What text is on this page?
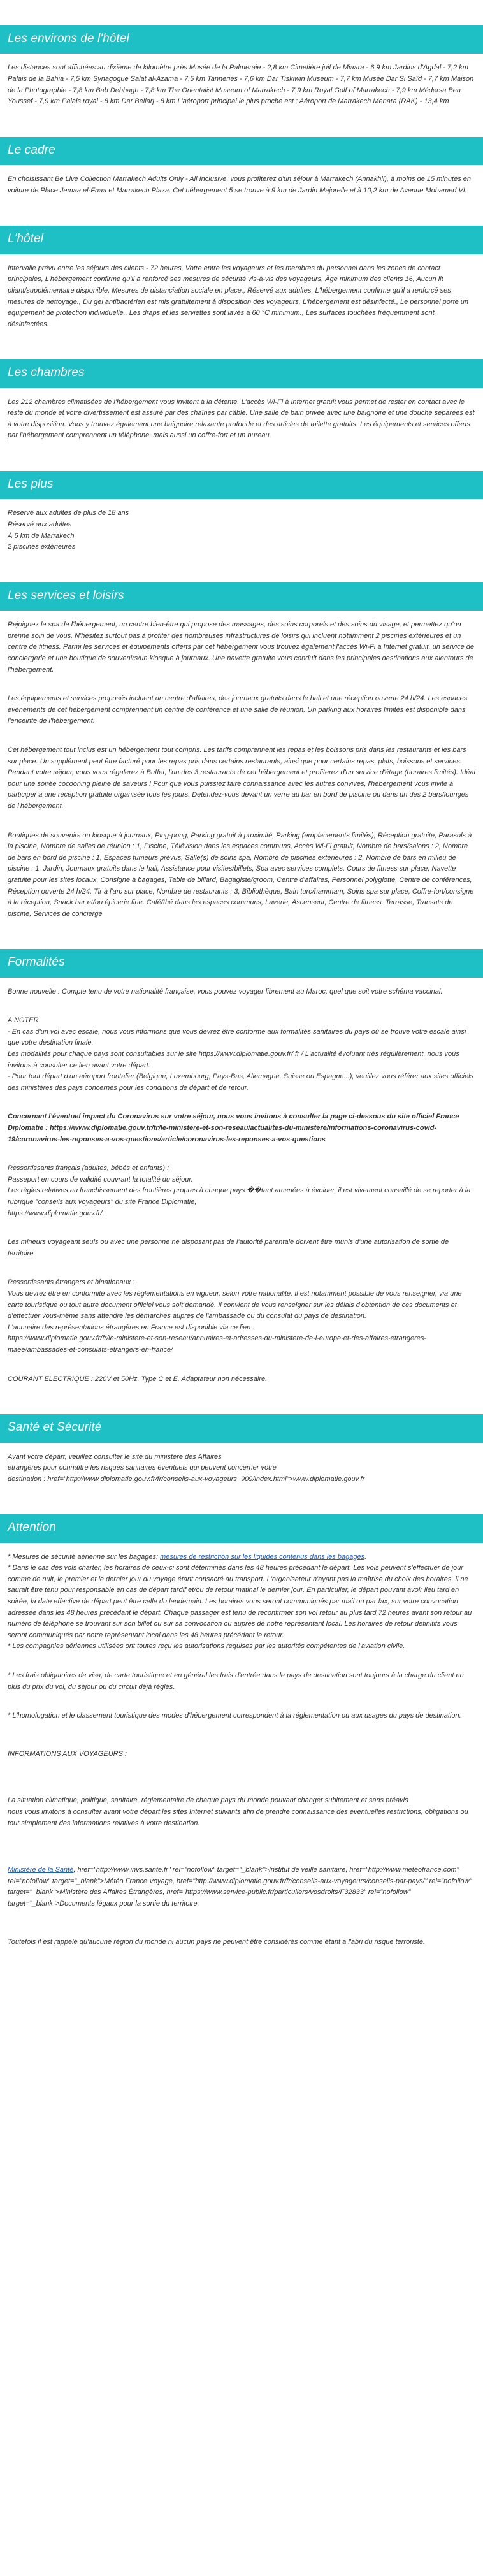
Les environs de l'hôtel

Les distances sont affichées au dixième de kilomètre près Musée de la Palmeraie - 2,8 km Cimetière juif de Miaara - 6,9 km Jardins d'Agdal - 7,2 km Palais de la Bahia - 7,5 km Synagogue Salat al-Azama - 7,5 km Tanneries - 7,6 km Dar Tiskiwin Museum - 7,7 km Musée Dar Si Saïd - 7,7 km Maison de la Photographie - 7,8 km Bab Debbagh - 7,8 km The Orientalist Museum of Marrakech - 7,9 km Royal Golf of Marrakech - 7,9 km Médersa Ben Youssef - 7,9 km Palais royal - 8 km Dar Bellarj - 8 km L'aéroport principal le plus proche est : Aéroport de Marrakech Menara (RAK) - 13,4 km

Le cadre

En choisissant Be Live Collection Marrakech Adults Only - All Inclusive, vous profiterez d'un séjour à Marrakech (Annakhil), à moins de 15 minutes en voiture de Place Jemaa el-Fnaa et Marrakech Plaza. Cet hébergement 5 se trouve à 9 km de Jardin Majorelle et à 10,2 km de Avenue Mohamed VI.

L'hôtel

Intervalle prévu entre les séjours des clients - 72 heures, Votre entre les voyageurs et les membres du personnel dans les zones de contact principales, L'hébergement confirme qu'il a renforcé ses mesures de sécurité vis-à-vis des voyageurs, Âge minimum des clients 16, Aucun lit pliant/supplémentaire disponible, Mesures de distanciation sociale en place., Réservé aux adultes, L'hébergement confirme qu'il a renforcé ses mesures de nettoyage., Du gel antibactérien est mis gratuitement à disposition des voyageurs, L'hébergement est désinfecté., Le personnel porte un équipement de protection individuelle., Les draps et les serviettes sont lavés à 60 °C minimum., Les surfaces touchées fréquemment sont désinfectées.

Les chambres

Les 212 chambres climatisées de l'hébergement vous invitent à la détente. L'accès Wi-Fi à Internet gratuit vous permet de rester en contact avec le reste du monde et votre divertissement est assuré par des chaînes par câble. Une salle de bain privée avec une baignoire et une douche séparées est à votre disposition. Vous y trouvez également une baignoire relaxante profonde et des articles de toilette gratuits. Les équipements et services offerts par l'hébergement comprennent un téléphone, mais aussi un coffre-fort et un bureau.

Les plus
Réservé aux adultes de plus de 18 ans
Réservé aux adultes
À 6 km de Marrakech
2 piscines extérieures
Les services et loisirs

Rejoignez le spa de l'hébergement, un centre bien-être qui propose des massages, des soins corporels et des soins du visage, et permettez qu'on prenne soin de vous. N'hésitez surtout pas à profiter des nombreuses infrastructures de loisirs qui incluent notamment 2 piscines extérieures et un centre de fitness. Parmi les services et équipements offerts par cet hébergement vous trouvez également l'accès Wi-Fi à Internet gratuit, un service de conciergerie et une boutique de souvenirs/un kiosque à journaux. Une navette gratuite vous conduit dans les principales destinations aux alentours de l'hébergement.

Les équipements et services proposés incluent un centre d'affaires, des journaux gratuits dans le hall et une réception ouverte 24 h/24. Les espaces événements de cet hébergement comprennent un centre de conférence et une salle de réunion. Un parking aux horaires limités est disponible dans l'enceinte de l'hébergement.

Cet hébergement tout inclus est un hébergement tout compris. Les tarifs comprennent les repas et les boissons pris dans les restaurants et les bars sur place. Un supplément peut être facturé pour les repas pris dans certains restaurants, ainsi que pour certains repas, plats, boissons et services. Pendant votre séjour, vous vous régalerez à Buffet, l'un des 3 restaurants de cet hébergement et profiterez d'un service d'étage (horaires limités). Idéal pour une soirée cocooning pleine de saveurs ! Pour que vous puissiez faire connaissance avec les autres convives, l'hébergement vous invite à participer à une réception gratuite organisée tous les jours. Détendez-vous devant un verre au bar en bord de piscine ou dans un des 2 bars/lounges de l'hébergement.

Boutiques de souvenirs ou kiosque à journaux, Ping-pong, Parking gratuit à proximité, Parking (emplacements limités), Réception gratuite, Parasols à la piscine, Nombre de salles de réunion : 1, Piscine, Télévision dans les espaces communs, Accès Wi-Fi gratuit, Nombre de bars/salons : 2, Nombre de bars en bord de piscine : 1, Espaces fumeurs prévus, Salle(s) de soins spa, Nombre de piscines extérieures : 2, Nombre de bars en milieu de piscine : 1, Jardin, Journaux gratuits dans le hall, Assistance pour visites/billets, Spa avec services complets, Cours de fitness sur place, Navette gratuite pour les sites locaux, Consigne à bagages, Table de billard, Bagagiste/groom, Centre d'affaires, Personnel polyglotte, Centre de conférences, Réception ouverte 24 h/24, Tir à l'arc sur place, Nombre de restaurants : 3, Bibliothèque, Bain turc/hammam, Soins spa sur place, Coffre-fort/consigne à la réception, Snack bar et/ou épicerie fine, Café/thé dans les espaces communs, Laverie, Ascenseur, Centre de fitness, Terrasse, Transats de piscine, Services de concierge

Formalités

Bonne nouvelle : Compte tenu de votre nationalité française, vous pouvez voyager librement au Maroc, quel que soit votre schéma vaccinal.

A NOTER

- En cas d'un vol avec escale, nous vous informons que vous devrez être conforme aux formalités sanitaires du pays où se trouve votre escale ainsi que votre destination finale.

Les modalités pour chaque pays sont consultables sur le site https://www.diplomatie.gouv.fr/ fr / L'actualité évoluant très régulièrement, nous vous invitons à consulter ce lien avant votre départ.

- Pour tout départ d'un aéroport frontalier (Belgique, Luxembourg, Pays-Bas, Allemagne, Suisse ou Espagne...), veuillez vous référer aux sites officiels des ministères des pays concernés pour les conditions de départ et de retour.

Concernant l'éventuel impact du Coronavirus sur votre séjour, nous vous invitons à consulter la page ci-dessous du site officiel France Diplomatie : https://www.diplomatie.gouv.fr/fr/le-ministere-et-son-reseau/actualites-du-ministere/informations-coronavirus-covid-19/coronavirus-les-reponses-a-vos-questions/article/coronavirus-les-reponses-a-vos-questions

Ressortissants français (adultes, bébés et enfants) :

Passeport en cours de validité couvrant la totalité du séjour.

Les règles relatives au franchissement des frontières propres à chaque pays ��tant amenées à évoluer, il est vivement conseillé de se reporter à la rubrique "conseils aux voyageurs" du site France Diplomatie,

https://www.diplomatie.gouv.fr/.

Les mineurs voyageant seuls ou avec une personne ne disposant pas de l'autorité parentale doivent être munis d'une autorisation de sortie de territoire.

Ressortissants étrangers et binationaux :

Vous devrez être en conformité avec les réglementations en vigueur, selon votre nationalité. Il est notamment possible de vous renseigner, via une carte touristique ou tout autre document officiel vous soit demandé. Il convient de vous renseigner sur les délais d'obtention de ces documents et d'effectuer vous-même sans attendre les démarches auprès de l'ambassade ou du consulat du pays de destination.

L'annuaire des représentations étrangères en France est disponible via ce lien :

https://www.diplomatie.gouv.fr/fr/le-ministere-et-son-reseau/annuaires-et-adresses-du-ministere-de-l-europe-et-des-affaires-etrangeres-maee/ambassades-et-consulats-etrangers-en-france/

COURANT ELECTRIQUE : 220V et 50Hz. Type C et E. Adaptateur non nécessaire.

Santé et Sécurité

Avant votre départ, veuillez consulter le site du ministère des Affaires

étrangères pour connaître les risques sanitaires éventuels qui peuvent concerner votre

destination : href="http://www.diplomatie.gouv.fr/fr/conseils-aux-voyageurs_909/index.html">www.diplomatie.gouv.fr

Attention

* Mesures de sécurité aérienne sur les bagages: mesures de restriction sur les liquides contenus dans les bagages.

* Dans le cas des vols charter, les horaires de ceux-ci sont déterminés dans les 48 heures précédant le départ. Les vols peuvent s'effectuer de jour comme de nuit, le premier et le dernier jour du voyage étant consacré au transport. L'organisateur n'ayant pas la maîtrise du choix des horaires, il ne saurait être tenu pour responsable en cas de départ tardif et/ou de retour matinal le dernier jour. En particulier, le départ pouvant avoir lieu tard en soirée, la date effective de départ peut être celle du lendemain. Les horaires vous seront communiqués par mail ou par fax, sur votre convocation adressée dans les 48 heures précédant le départ. Chaque passager est tenu de reconfirmer son vol retour au plus tard 72 heures avant son retour au numéro de téléphone se trouvant sur son billet ou sur sa convocation ou auprès de notre représentant local. Les horaires de retour définitifs vous seront communiqués par notre représentant local dans les 48 heures précédant le retour.

* Les compagnies aériennes utilisées ont toutes reçu les autorisations requises par les autorités compétentes de l'aviation civile.

* Les frais obligatoires de visa, de carte touristique et en général les frais d'entrée dans le pays de destination sont toujours à la charge du client en plus du prix du vol, du séjour ou du circuit déjà réglés.

* L'homologation et le classement touristique des modes d'hébergement correspondent à la réglementation ou aux usages du pays de destination.

INFORMATIONS AUX VOYAGEURS :

La situation climatique, politique, sanitaire, réglementaire de chaque pays du monde pouvant changer subitement et sans préavis

nous vous invitons à consulter avant votre départ les sites Internet suivants afin de prendre connaissance des éventuelles restrictions, obligations ou tout simplement des informations relatives à votre destination.

Ministère de la Santé, href="http://www.invs.sante.fr" rel="nofollow" target="_blank">Institut de veille sanitaire, href="http://www.meteofrance.com" rel="nofollow" target="_blank">Météo France Voyage, href="http://www.diplomatie.gouv.fr/fr/conseils-aux-voyageurs/conseils-par-pays/" rel="nofollow" target="_blank">Ministère des Affaires Étrangères, href="https://www.service-public.fr/particuliers/vosdroits/F32833" rel="nofollow" target="_blank">Documents légaux pour la sortie du territoire.

Toutefois il est rappelé qu'aucune région du monde ni aucun pays ne peuvent être considérés comme étant à l'abri du risque terroriste.
